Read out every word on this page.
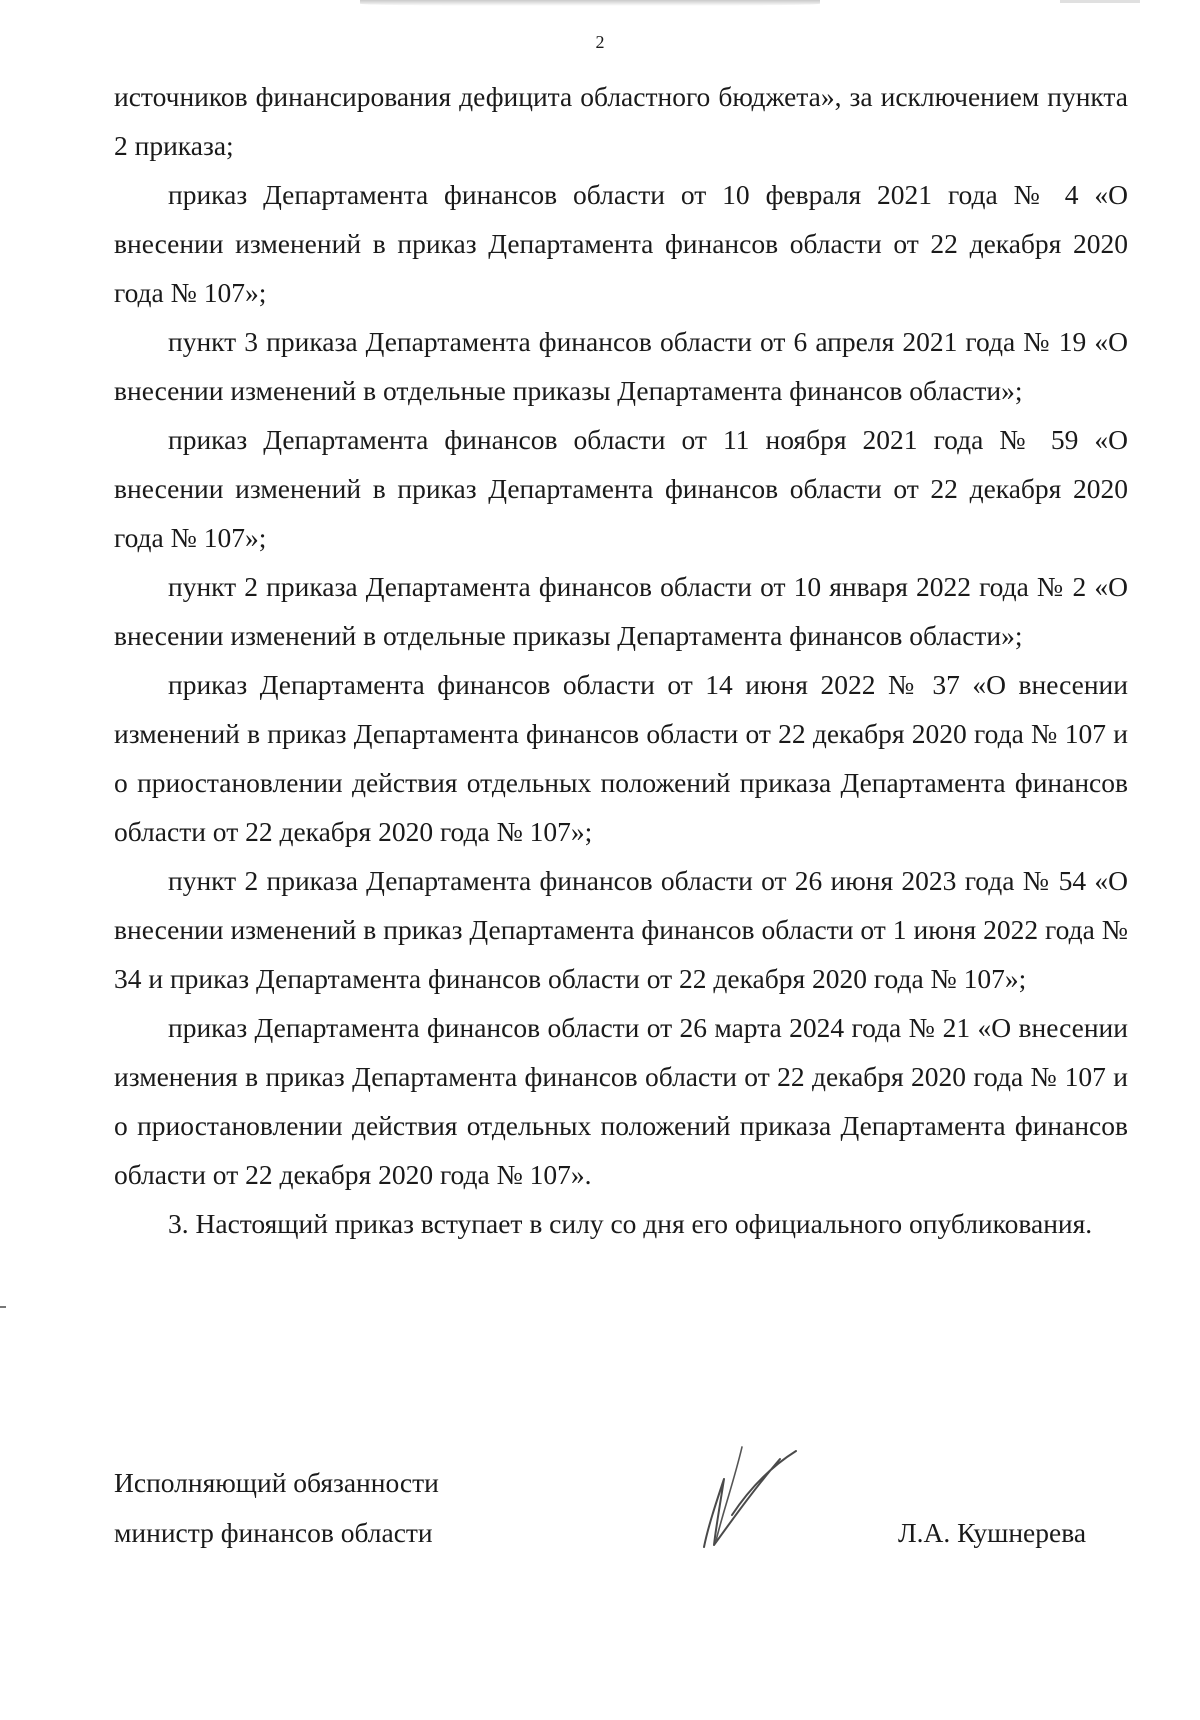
2

источников финансирования дефицита областного бюджета», за исключением пункта 2 приказа;

приказ Департамента финансов области от 10 февраля 2021 года № 4 «О внесении изменений в приказ Департамента финансов области от 22 декабря 2020 года № 107»;

пункт 3 приказа Департамента финансов области от 6 апреля 2021 года № 19 «О внесении изменений в отдельные приказы Департамента финансов области»;

приказ Департамента финансов области от 11 ноября 2021 года № 59 «О внесении изменений в приказ Департамента финансов области от 22 декабря 2020 года № 107»;

пункт 2 приказа Департамента финансов области от 10 января 2022 года № 2 «О внесении изменений в отдельные приказы Департамента финансов области»;

приказ Департамента финансов области от 14 июня 2022 № 37 «О внесении изменений в приказ Департамента финансов области от 22 декабря 2020 года № 107 и о приостановлении действия отдельных положений приказа Департамента финансов области от 22 декабря 2020 года № 107»;

пункт 2 приказа Департамента финансов области от 26 июня 2023 года № 54 «О внесении изменений в приказ Департамента финансов области от 1 июня 2022 года № 34 и приказ Департамента финансов области от 22 декабря 2020 года № 107»;

приказ Департамента финансов области от 26 марта 2024 года № 21 «О внесении изменения в приказ Департамента финансов области от 22 декабря 2020 года № 107 и о приостановлении действия отдельных положений приказа Департамента финансов области от 22 декабря 2020 года № 107».

3. Настоящий приказ вступает в силу со дня его официального опубликования.

Исполняющий обязанности
министр финансов области	Л.А. Кушнерева
